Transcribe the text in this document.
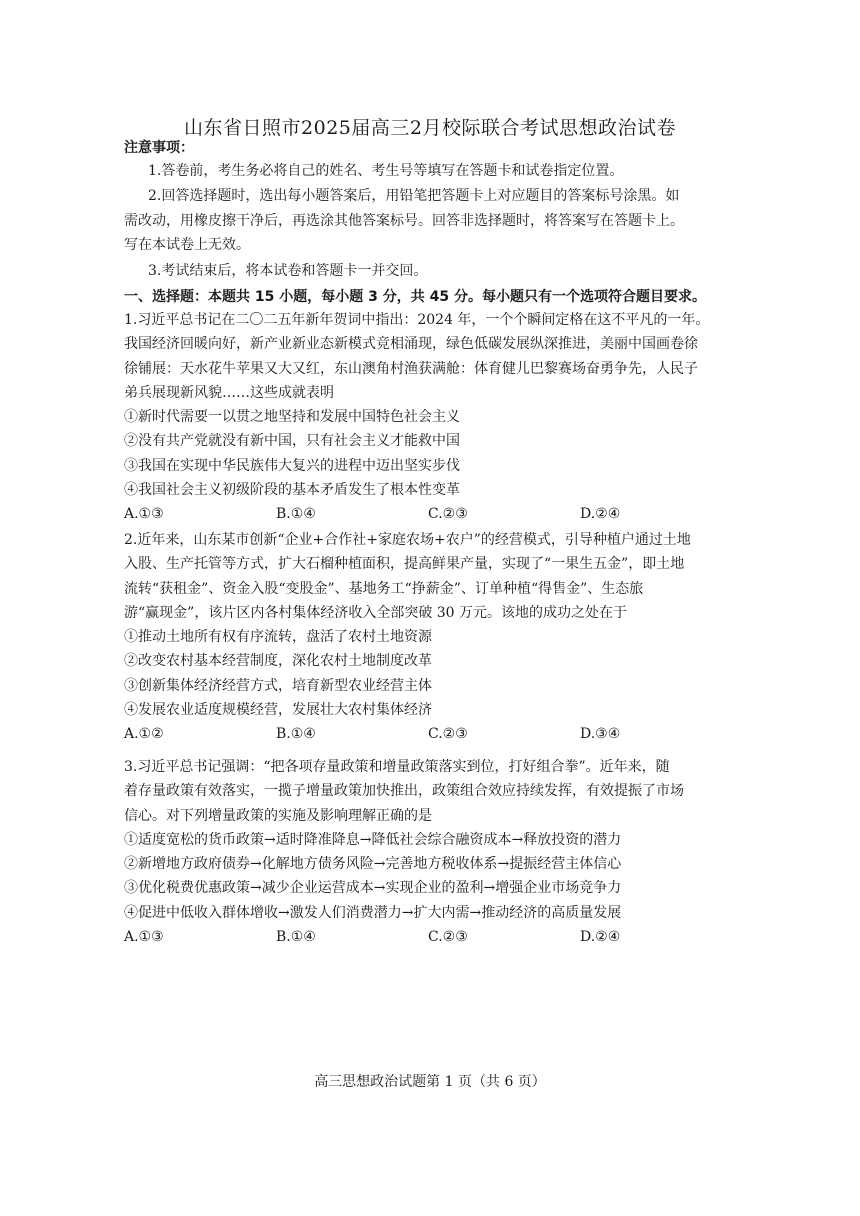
山东省日照市2025届高三2月校际联合考试思想政治试卷
注意事项：
1.答卷前，考生务必将自己的姓名、考生号等填写在答题卡和试卷指定位置。
2.回答选择题时，选出每小题答案后，用铅笔把答题卡上对应题目的答案标号涂黑。如
需改动，用橡皮擦干净后，再选涂其他答案标号。回答非选择题时，将答案写在答题卡上。
写在本试卷上无效。
3.考试结束后，将本试卷和答题卡一并交回。
一、选择题：本题共 15 小题，每小题 3 分，共 45 分。每小题只有一个选项符合题目要求。
1.习近平总书记在二〇二五年新年贺词中指出：2024 年，一个个瞬间定格在这不平凡的一年。
我国经济回暖向好，新产业新业态新模式竞相涌现，绿色低碳发展纵深推进，美丽中国画卷徐
徐铺展：天水花牛苹果又大又红，东山澳角村渔获满舱：体育健儿巴黎赛场奋勇争先，人民子
弟兵展现新风貌……这些成就表明
①新时代需要一以贯之地坚持和发展中国特色社会主义
②没有共产党就没有新中国，只有社会主义才能救中国
③我国在实现中华民族伟大复兴的进程中迈出坚实步伐
④我国社会主义初级阶段的基本矛盾发生了根本性变革
A.①③	B.①④	C.②③	D.②④
2.近年来，山东某市创新“企业+合作社+家庭农场+农户”的经营模式，引导种植户通过土地
入股、生产托管等方式，扩大石榴种植面积，提高鲜果产量，实现了“一果生五金”，即土地
流转“获租金”、资金入股“变股金”、基地务工“挣薪金”、订单种植“得售金”、生态旅
游“赢现金”，该片区内各村集体经济收入全部突破 30 万元。该地的成功之处在于
①推动土地所有权有序流转，盘活了农村土地资源
②改变农村基本经营制度，深化农村土地制度改革
③创新集体经济经营方式，培育新型农业经营主体
④发展农业适度规模经营，发展壮大农村集体经济
A.①②	B.①④	C.②③	D.③④
3.习近平总书记强调：“把各项存量政策和增量政策落实到位，打好组合拳”。近年来，随
着存量政策有效落实，一揽子增量政策加快推出，政策组合效应持续发挥，有效提振了市场
信心。对下列增量政策的实施及影响理解正确的是
①适度宽松的货币政策→适时降准降息→降低社会综合融资成本→释放投资的潜力
②新增地方政府债券→化解地方债务风险→完善地方税收体系→提振经营主体信心
③优化税费优惠政策→减少企业运营成本→实现企业的盈利→增强企业市场竞争力
④促进中低收入群体增收→激发人们消费潜力→扩大内需→推动经济的高质量发展
A.①③	B.①④	C.②③	D.②④
高三思想政治试题第 1 页（共 6 页）
